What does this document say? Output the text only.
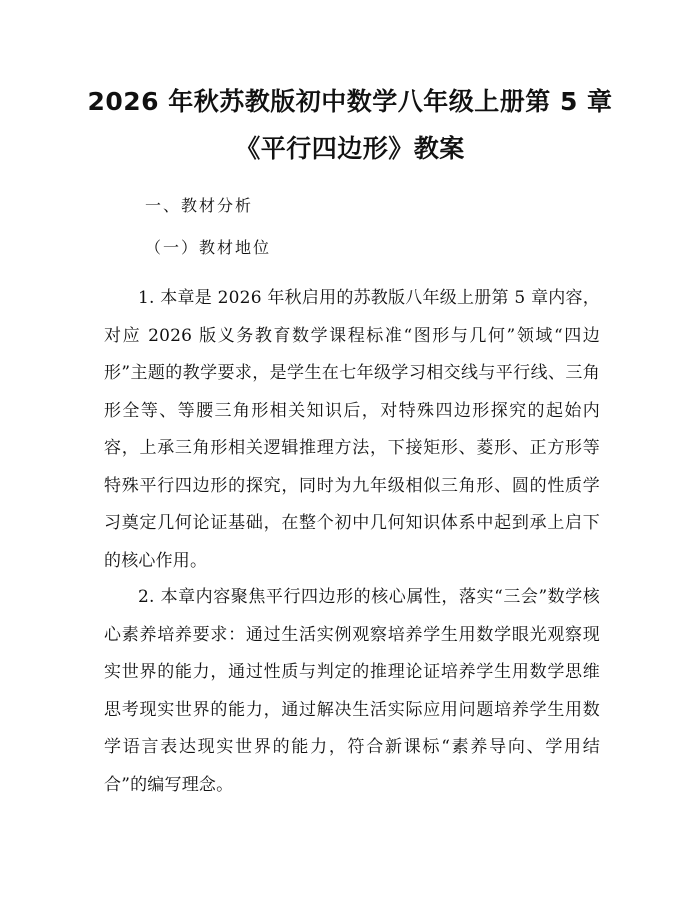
2026 年秋苏教版初中数学八年级上册第 5 章
《平行四边形》教案
一、教材分析
（一）教材地位

1. 本章是 2026 年秋启用的苏教版八年级上册第 5 章内容，对应 2026 版义务教育数学课程标准“图形与几何”领域“四边形”主题的教学要求，是学生在七年级学习相交线与平行线、三角形全等、等腰三角形相关知识后，对特殊四边形探究的起始内容，上承三角形相关逻辑推理方法，下接矩形、菱形、正方形等特殊平行四边形的探究，同时为九年级相似三角形、圆的性质学习奠定几何论证基础，在整个初中几何知识体系中起到承上启下的核心作用。

2. 本章内容聚焦平行四边形的核心属性，落实“三会”数学核心素养培养要求：通过生活实例观察培养学生用数学眼光观察现实世界的能力，通过性质与判定的推理论证培养学生用数学思维思考现实世界的能力，通过解决生活实际应用问题培养学生用数学语言表达现实世界的能力，符合新课标“素养导向、学用结合”的编写理念。
